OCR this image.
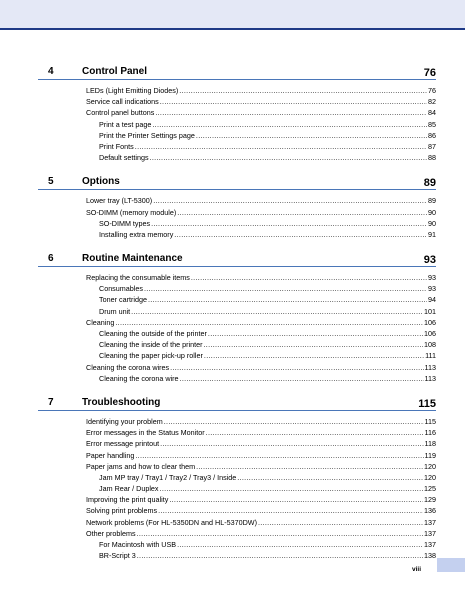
4	Control Panel	76
LEDs (Light Emitting Diodes) .....	76
Service call indications .....	82
Control panel buttons .....	84
Print a test page .....	85
Print the Printer Settings page .....	86
Print Fonts .....	87
Default settings .....	88
5	Options	89
Lower tray (LT-5300) .....	89
SO-DIMM (memory module) .....	90
SO-DIMM types .....	90
Installing extra memory .....	91
6	Routine Maintenance	93
Replacing the consumable items .....	93
Consumables .....	93
Toner cartridge .....	94
Drum unit .....	101
Cleaning .....	106
Cleaning the outside of the printer .....	106
Cleaning the inside of the printer .....	108
Cleaning the paper pick-up roller .....	111
Cleaning the corona wires .....	113
Cleaning the corona wire .....	113
7	Troubleshooting	115
Identifying your problem .....	115
Error messages in the Status Monitor .....	116
Error message printout .....	118
Paper handling .....	119
Paper jams and how to clear them .....	120
Jam MP tray / Tray1 / Tray2 / Tray3 / Inside .....	120
Jam Rear / Duplex .....	125
Improving the print quality .....	129
Solving print problems .....	136
Network problems (For HL-5350DN and HL-5370DW) .....	137
Other problems .....	137
For Macintosh with USB .....	137
BR-Script 3 .....	138
viii
